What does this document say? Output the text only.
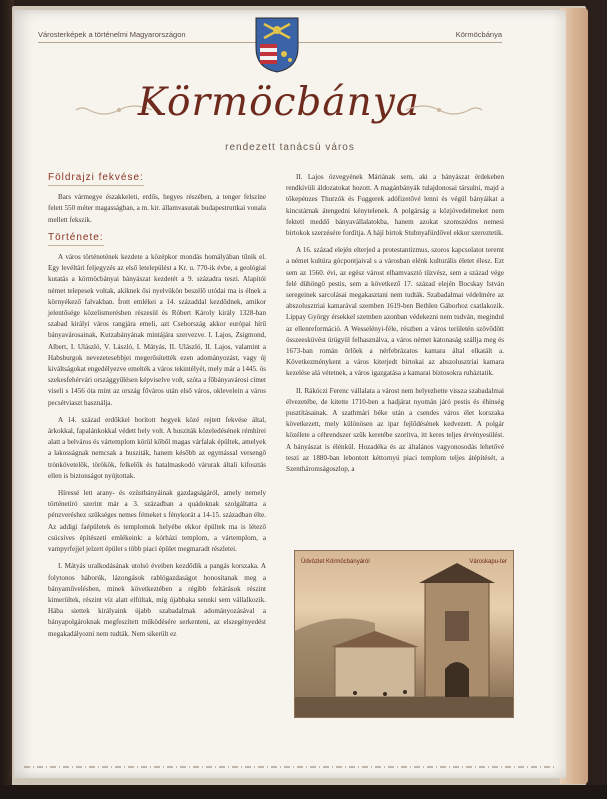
Városterképek a történelmi Magyarországon	Körmöcbánya
Körmöcbánya
rendezett tanácsú város
Földrajzi fekvése:

Bars vármegye északkeleti, erdős, hegyes részében, a tenger felszíne felett 550 méter magasságban, a m. kir. államvasutak budapestruttkai vonala mellett fekszik.

Története:

A város történetének kezdete a középkor mondás homályában tűnik el. Egy levéltári feljegyzés az első letelepülést a Kr. u. 770-ik évbe, a geológiai kutatás a körmöcbányai bányászat kezdetét a 9. századra teszi. Alapítói német telepesek voltak, akiknek ősi nyelvükön beszélő utódai ma is élnek a környékező falvakban. Írott emlékei a 14. századdal kezdődnek, amikor jelentősége közelismerésben részesül és Róbert Károly király 1328-ban szabad királyi város rangjára emeli, azt Csehország akkor európai hírű bányavárosainak, Kutzabányának mintájára szervezve. I. Lajos, Zsigmond, Albert, I. Ulászló, V. László, I. Mátyás, II. Ulászló, II. Lajos, valamint a Habsburgok nevezetesebbjei megerősítették ezen adományozást, vagy új kiváltságokat engedélyezve emelték a város tekintélyét, mely már a 1445. ös szekesfehérvári országgyűlésen képviselve volt, szóta a főbányavárosi címet viseli s 1456 óta mint az ország főváros után első város, oklevelein a város pecsétviaszt használja.

A 14. század erdőkkel borított hegyek közé rejtett fekvése által, árkokkal, fapalánkokkal védett hely volt. A husziták közeledésének rémhírei alatt a belváros és vártemplom körül kőből magas várfalak épültek, amelyek a lakosságnak nemcsak a husziták, hanem később az egymással versengő trónkövetelők, törökök, felkelők és hatalmaskodó várurak általi kifosztás ellen is biztonságot nyújtottak.

Híressé lett arany- és ezüstbányáinak gazdagságáról, amely nemely történetíró szerint már a 3. században a quádoknak szolgáltatta a pénzveréshez szükséges nemes fémeket s fénykorát a 14-15. században élte. Az addigi faépületek és templomok helyébe ekkor épültek ma is létező csúcsíves építészeti emlékeink: a kórházi templom, a vártemplom, a vampyrfejjel jelzett épület s több piaci épület megmaradt részletei.

I. Mátyás uralkodásának utolsó éveiben kezdődik a pangás korszaka. A folytonos háborúk, lázongások rablógazdaságot honosítanak meg a bányaművelésben, minek következtében a régibb feltárások részint kimerültek, részint víz alatt elfúltak, míg újabbaka sennki sem vállalkozik. Hába siettek királyaink újabb szabadalmak adományozásával a bányapolgároknak megfeszített működésére serkenteni, az elszegényedést megakadályozni nem tudták. Nem sikerült ez

II. Lajos özvegyének Máriának sem, aki a bányászat érdekeben rendkívüli áldozatokat hozott. A magánbányák tulajdonosai társulni, majd a tőkepénzes Thurzók és Fuggerek adófizetővé lenni és végül bányáikat a kincstárnak átengedni kénytelenek. A polgárság a közjóvedelmeket nem fektetl meddő bányavállalatokba, hanem azokat szomszédos nemesi birtokok szerzésére fordítja. A hájí birtok Stubnyafürdővel ekkor szereztetik.

A 16. század elején elterjed a protestantizmus, szoros kapcsolatot teremt a német kultúra gócpontjaival s a városban elénk kulturális életet élesz. Ezt sem az 1560. évi, az egész várost elhamvasztó tűzvész, sem a század vége felé dühöngő pestis, sem a következő 17. század elején Bocskay István seregeinek sarcolásai megakasztani nem tudták. Szabadalmai védelmére az abszolusztriai kamarával szemben 1619-ben Bethlen Gáborhoz csatlakozik. Lippay György érsekkel szemben azonban védekezni nem tudván, megindul az ellenreformáció. A Wesselényi-féle, részben a város területén szövődött összeesküvést ürügyül felhasználva, a város német katonaság szállja meg és 1673-ban román őrlőek a nérfebrázatos kamara által elkatált a. Következménykent a város kiterjedt birtokai az abszolusztriai kamara kezelése alá vétetnek, a város igazgatása a kamarai bíztosokra ruháztatik.

II. Rákóczi Ferenc vállalata a várost nem helyezhette vissza szabadalmai élvezetébe, de kitette 1710-ben a hadjárat nyomán járó pestis és éhinség pusztításainak. A szathmári béke után a csendes város élet korszaka következett, mely különösen az ipar fejlődésének kedvezett. A polgár közélete a céhrendszer szűk keretébe szorítva, itt keres teljes érvényesülést. A bányászat is élénkül. Hozadéka és az általános vagyonosodás lehetővé teszi az 1880-ban lebontott kéttornyú piaci templom teljes átépítését, a Szentháromságoszlop, a

Üdvözlet Körmöcbányáról	Városkapu-ter
